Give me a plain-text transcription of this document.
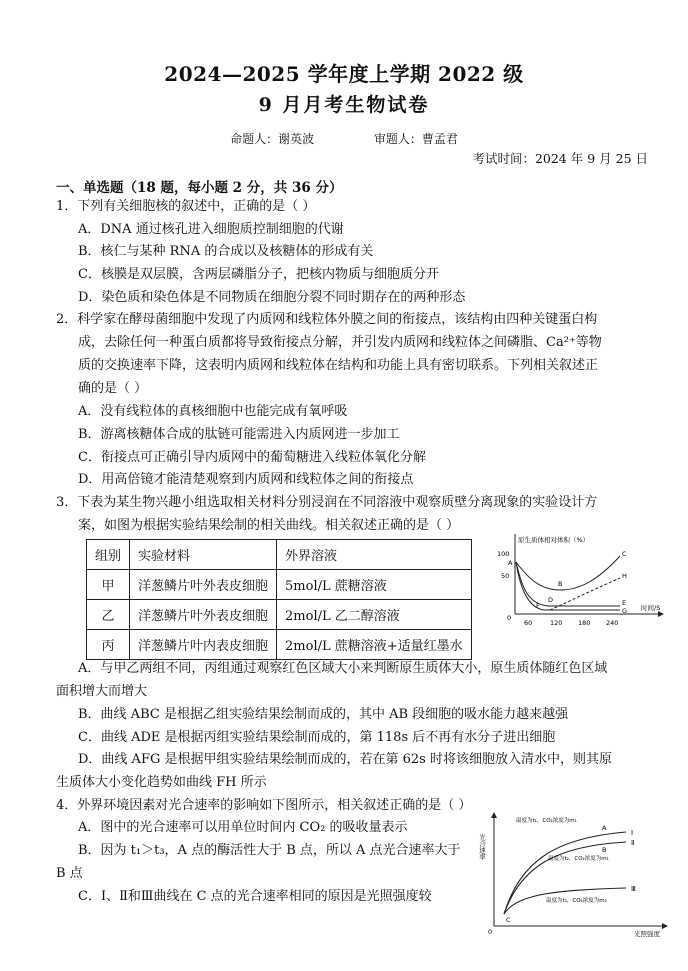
2024—2025 学年度上学期 2022 级
9 月月考生物试卷
命题人：谢英波	审题人：曹孟君
考试时间：2024 年 9 月 25 日
一、单选题（18 题，每小题 2 分，共 36 分）
1．下列有关细胞核的叙述中，正确的是（ ）
A．DNA 通过核孔进入细胞质控制细胞的代谢
B．核仁与某种 RNA 的合成以及核糖体的形成有关
C．核膜是双层膜，含两层磷脂分子，把核内物质与细胞质分开
D．染色质和染色体是不同物质在细胞分裂不同时期存在的两种形态
2．科学家在酵母菌细胞中发现了内质网和线粒体外膜之间的衔接点，该结构由四种关键蛋白构
成，去除任何一种蛋白质都将导致衔接点分解，并引发内质网和线粒体之间磷脂、Ca²⁺等物
质的交换速率下降，这表明内质网和线粒体在结构和功能上具有密切联系。下列相关叙述正
确的是（ ）
A．没有线粒体的真核细胞中也能完成有氧呼吸
B．游离核糖体合成的肽链可能需进入内质网进一步加工
C．衔接点可正确引导内质网中的葡萄糖进入线粒体氧化分解
D．用高倍镜才能清楚观察到内质网和线粒体之间的衔接点
3．下表为某生物兴趣小组选取相关材料分别浸润在不同溶液中观察质壁分离现象的实验设计方
案，如图为根据实验结果绘制的相关曲线。相关叙述正确的是（ ）
组别	实验材料	外界溶液
甲	洋葱鳞片叶外表皮细胞	5mol/L 蔗糖溶液
乙	洋葱鳞片叶外表皮细胞	2mol/L 乙二醇溶液
丙	洋葱鳞片叶内表皮细胞	2mol/L 蔗糖溶液+适量红墨水
原生质体相对体积（%）
时间/S
100
50
0
60	120 180 240
A
B
C
D	E
F
G
H
A．与甲乙两组不同，丙组通过观察红色区域大小来判断原生质体大小，原生质体随红色区域
面积增大而增大
B．曲线 ABC 是根据乙组实验结果绘制而成的，其中 AB 段细胞的吸水能力越来越强
C．曲线 ADE 是根据丙组实验结果绘制而成的，第 118s 后不再有水分子进出细胞
D．曲线 AFG 是根据甲组实验结果绘制而成的，若在第 62s 时将该细胞放入清水中，则其原
生质体大小变化趋势如曲线 FH 所示
4．外界环境因素对光合速率的影响如下图所示，相关叙述正确的是（ ）
A．图中的光合速率可以用单位时间内 CO₂ 的吸收量表示
B．因为 t₁＞t₃，A 点的酶活性大于 B 点，所以 A 点光合速率大于
B 点
C．Ⅰ、Ⅱ和Ⅲ曲线在 C 点的光合速率相同的原因是光照强度较
光合速率
0	光照强度
Ⅰ
Ⅱ
Ⅲ
温度为t₁，CO₂浓度为m₁
温度为t₂，CO₂浓度为m₁
温度为t₃，CO₂浓度为m₂
A
B
C
